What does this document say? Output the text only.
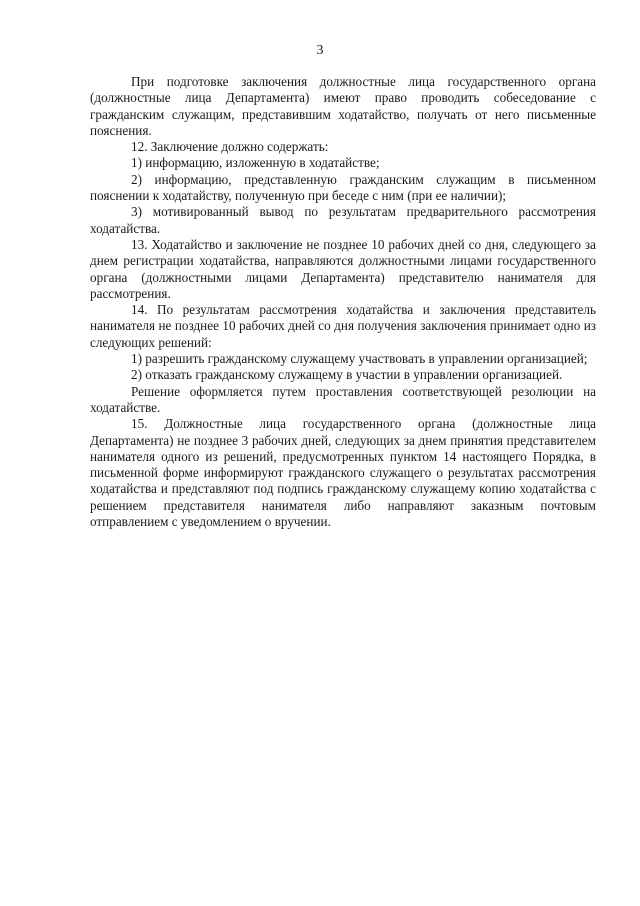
3

При подготовке заключения должностные лица государственного органа (должностные лица Департамента) имеют право проводить собеседование с гражданским служащим, представившим ходатайство, получать от него письменные пояснения.

12. Заключение должно содержать:

1) информацию, изложенную в ходатайстве;

2) информацию, представленную гражданским служащим в письменном пояснении к ходатайству, полученную при беседе с ним (при ее наличии);

3) мотивированный вывод по результатам предварительного рассмотрения ходатайства.

13. Ходатайство и заключение не позднее 10 рабочих дней со дня, следующего за днем регистрации ходатайства, направляются должностными лицами государственного органа (должностными лицами Департамента) представителю нанимателя для рассмотрения.

14. По результатам рассмотрения ходатайства и заключения представитель нанимателя не позднее 10 рабочих дней со дня получения заключения принимает одно из следующих решений:

1) разрешить гражданскому служащему участвовать в управлении организацией;

2) отказать гражданскому служащему в участии в управлении организацией.

Решение оформляется путем проставления соответствующей резолюции на ходатайстве.

15. Должностные лица государственного органа (должностные лица Департамента) не позднее 3 рабочих дней, следующих за днем принятия представителем нанимателя одного из решений, предусмотренных пунктом 14 настоящего Порядка, в письменной форме информируют гражданского служащего о результатах рассмотрения ходатайства и представляют под подпись гражданскому служащему копию ходатайства с решением представителя нанимателя либо направляют заказным почтовым отправлением с уведомлением о вручении.
